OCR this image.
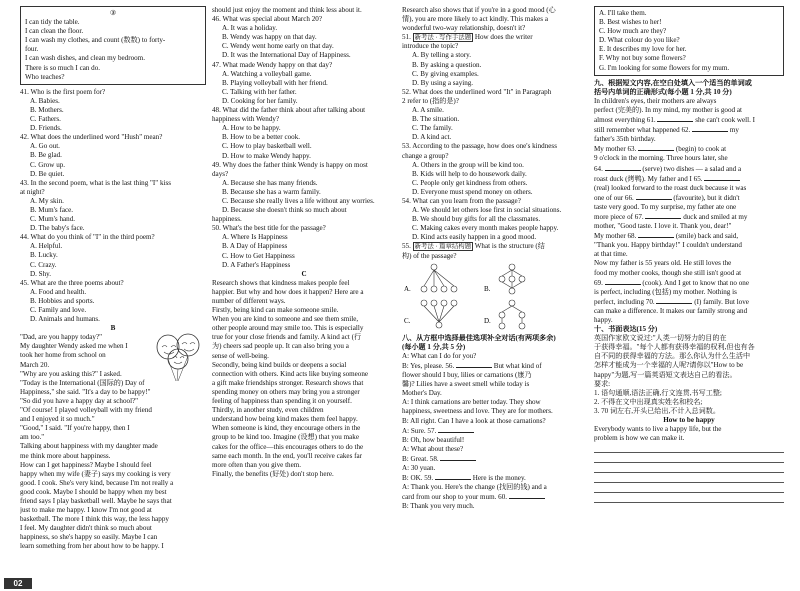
③
I can tidy the table.
I can clean the floor.
I can wash my clothes, and count (数数) to forty-
four.
I can wash dishes, and clean my bedroom.
There is so much I can do.
Who teaches?
41. Who is the first poem for?
A. Babies.
B. Mothers.
C. Fathers.
D. Friends.
42. What does the underlined word "Hush" mean?
A. Go out.
B. Be glad.
C. Grow up.
D. Be quiet.
43. In the second poem, what is the last thing "I" kiss
at night?
A. My skin.
B. Mum's face.
C. Mum's hand.
D. The baby's face.
44. What do you think of "I" in the third poem?
A. Helpful.
B. Lucky.
C. Crazy.
D. Shy.
45. What are the three poems about?
A. Food and health.
B. Hobbies and sports.
C. Family and love.
D. Animals and humans.
B
"Dad, are you happy today?"
My daughter Wendy asked me when I
took her home from school on
March 20.
"Why are you asking this?" I asked.
"Today is the International (国际的) Day of
Happiness," she said. "It's a day to be happy!"
"So did you have a happy day at school?"
"Of course! I played volleyball with my friend
and I enjoyed it so much."
"Good," I said. "If you're happy, then I
am too."
Talking about happiness with my daughter made
me think more about happiness.
How can I get happiness? Maybe I should feel
happy when my wife (妻子) says my cooking is very
good. I cook. She's very kind, because I'm not really a
good cook. Maybe I should be happy when my best
friend says I play basketball well. Maybe he says that
just to make me happy. I know I'm not good at
basketball. The more I think this way, the less happy
I feel. My daughter didn't think so much about
happiness, so she's happy so easily. Maybe I can
learn something from her about how to be happy. I
should just enjoy the moment and think less about it.
46. What was special about March 20?
A. It was a holiday.
B. Wendy was happy on that day.
C. Wendy went home early on that day.
D. It was the International Day of Happiness.
47. What made Wendy happy on that day?
A. Watching a volleyball game.
B. Playing volleyball with her friend.
C. Talking with her father.
D. Cooking for her family.
48. What did the father think about after talking about
happiness with Wendy?
A. How to be happy.
B. How to be a better cook.
C. How to play basketball well.
D. How to make Wendy happy.
49. Why does the father think Wendy is happy on most
days?
A. Because she has many friends.
B. Because she has a warm family.
C. Because she really lives a life without any worries.
D. Because she doesn't think so much about
happiness.
50. What's the best title for the passage?
A. Where Is Happiness
B. A Day of Happiness
C. How to Get Happiness
D. A Father's Happiness
C
Research shows that kindness makes people feel
happier. But why and how does it happen? Here are a
number of different ways.
Firstly, being kind can make someone smile.
When you are kind to someone and see them smile,
other people around may smile too. This is especially
true for your close friends and family. A kind act (行
为) cheers sad people up. It can also bring you a
sense of well-being.
Secondly, being kind builds or deepens a social
connection with others. Kind acts like buying someone
a gift make friendships stronger. Research shows that
spending money on others may bring you a stronger
feeling of happiness than spending it on yourself.
Thirdly, in another study, even children
understand how being kind makes them feel happy.
When someone is kind, they encourage others in the
group to be kind too. Imagine (设想) that you make
cakes for the office—this encourages others to do the
same each month. In the end, you'll receive cakes far
more often than you give them.
Finally, the benefits (好处) don't stop here.
Research also shows that if you're in a good mood (心
情), you are more likely to act kindly. This makes a
wonderful two-way relationship, doesn't it?
51. 新考法 · 写作手法题 How does the writer
introduce the topic?
A. By telling a story.
B. By asking a question.
C. By giving examples.
D. By using a saying.
52. What does the underlined word "It" in Paragraph
2 refer to (指的是)?
A. A smile.
B. The situation.
C. The family.
D. A kind act.
53. According to the passage, how does one's kindness
change a group?
A. Others in the group will be kind too.
B. Kids will help to do housework daily.
C. People only get kindness from others.
D. Everyone must spend money on others.
54. What can you learn from the passage?
A. We should let others lose first in social situations.
B. We should buy gifts for all the classmates.
C. Making cakes every month makes people happy.
D. Kind acts easily happen in a good mood.
55. 新考法 · 篇章结构题 What is the structure (结
构) of the passage?
A.	B.
C.	D.
八、从方框中选择最佳选项补全对话(有两项多余)
(每小题 1 分,共 5 分)
A: What can I do for you?
B: Yes, please. 56.	But what kind of
flower should I buy, lilies or carnations (康乃
馨)? Lilies have a sweet smell while today is
Mother's Day.
A: I think carnations are better today. They show
happiness, sweetness and love. They are for mothers.
B: All right. Can I have a look at those carnations?
A: Sure. 57.
B: Oh, how beautiful!
A: What about these?
B: Great. 58.
A: 30 yuan.
B: OK. 59.	Here is the money.
A: Thank you. Here's the change (找回的钱) and a
card from our shop to your mum. 60.
B: Thank you very much.
A. I'll take them.
B. Best wishes to her!
C. How much are they?
D. What colour do you like?
E. It describes my love for her.
F. Why not buy some flowers?
G. I'm looking for some flowers for my mum.
九、根据短文内容,在空白处填入一个适当的单词或
括号内单词的正确形式(每小题 1 分,共 10 分)
In children's eyes, their mothers are always
perfect (完美的). In my mind, my mother is good at
almost everything 61.	she can't cook well. I
still remember what happened 62.	my
father's 35th birthday.
My mother 63.	(begin) to cook at
9 o'clock in the morning. Three hours later, she
64.	(serve) two dishes — a salad and a
roast duck (烤鸭). My father and I 65.
(real) looked forward to the roast duck because it was
one of our 66.	(favourite), but it didn't
taste very good. To my surprise, my father ate one
more piece of 67.	duck and smiled at my
mother, "Good taste. I love it. Thank you, dear!"
My mother 68.	(smile) back and said,
"Thank you. Happy birthday!" I couldn't understand
at that time.
Now my father is 55 years old. He still loves the
food my mother cooks, though she still isn't good at
69.	(cook). And I get to know that no one
is perfect, including (包括) my mother. Nothing is
perfect, including 70.	(I) family. But love
can make a difference. It makes our family strong and
happy.
十、书面表达(15 分)
英国作家欧文说过:"人类一切努力的目的在
于获得幸福。"每个人都有获得幸福的权利,但也有各
自不同的获得幸福的方法。那么你认为什么生活中
怎样才能成为一个幸福的人呢?请你以"How to be
happy"为题,写一篇英语短文表达自己的看法。
要求:
1. 语句通顺,语法正确,行文连贯,书写工整;
2. 不得在文中出现真实姓名和校名;
3. 70 词左右,开头已给出,不计入总词数。
How to be happy
Everybody wants to live a happy life, but the
problem is how we can make it.
02
